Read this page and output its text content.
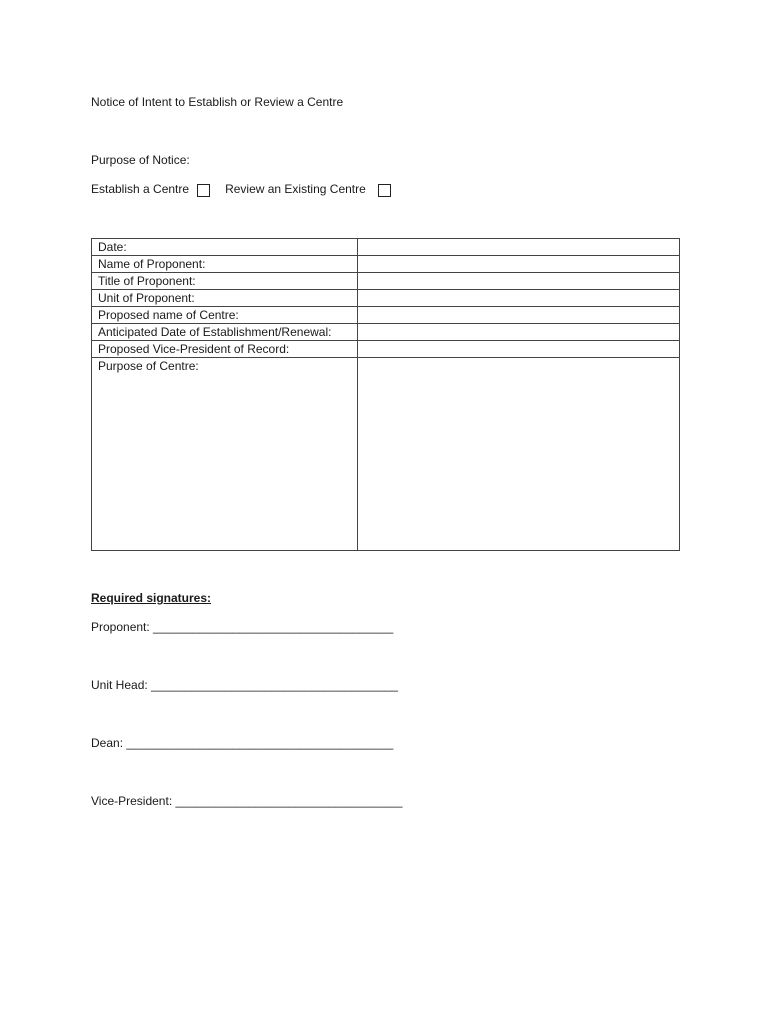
Notice of Intent to Establish or Review a Centre
Purpose of Notice:
Establish a Centre	Review an Existing Centre
Date:	
Name of Proponent:	
Title of Proponent:	
Unit of Proponent:	
Proposed name of Centre:	
Anticipated Date of Establishment/Renewal:	
Proposed Vice-President of Record:	
Purpose of Centre:	
Required signatures:
Proponent: ____________________________________
Unit Head: _____________________________________
Dean: ________________________________________
Vice-President: __________________________________
